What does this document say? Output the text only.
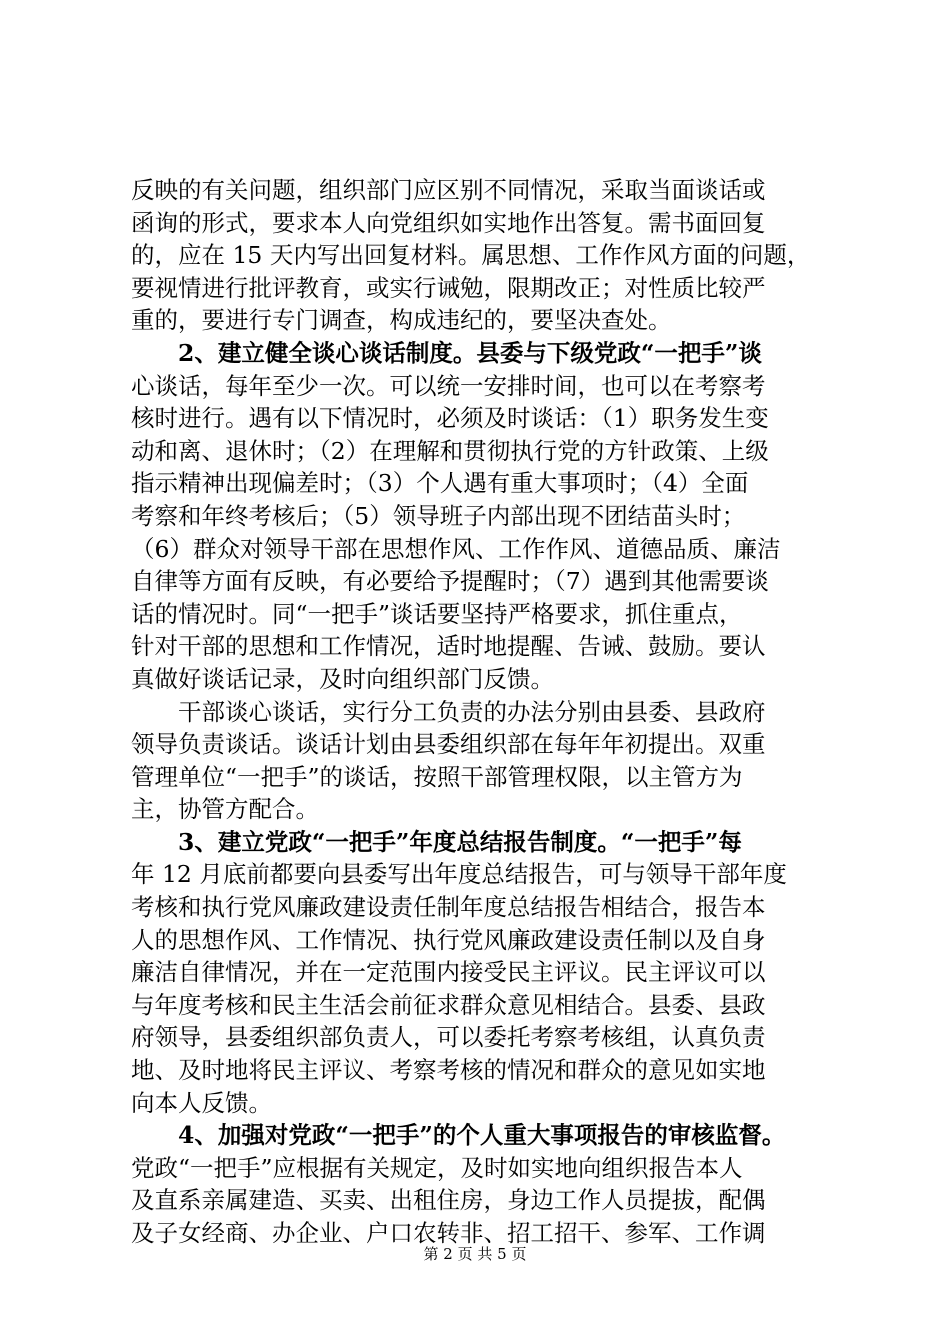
反映的有关问题，组织部门应区别不同情况，采取当面谈话或
函询的形式，要求本人向党组织如实地作出答复。需书面回复
的，应在 15 天内写出回复材料。属思想、工作作风方面的问题，
要视情进行批评教育，或实行诫勉，限期改正；对性质比较严
重的，要进行专门调查，构成违纪的，要坚决查处。
2、建立健全谈心谈话制度。县委与下级党政“一把手”谈
心谈话，每年至少一次。可以统一安排时间，也可以在考察考
核时进行。遇有以下情况时，必须及时谈话：（1）职务发生变
动和离、退休时；（2）在理解和贯彻执行党的方针政策、上级
指示精神出现偏差时；（3）个人遇有重大事项时；（4）全面
考察和年终考核后；（5）领导班子内部出现不团结苗头时；
（6）群众对领导干部在思想作风、工作作风、道德品质、廉洁
自律等方面有反映，有必要给予提醒时；（7）遇到其他需要谈
话的情况时。同“一把手”谈话要坚持严格要求，抓住重点，
针对干部的思想和工作情况，适时地提醒、告诫、鼓励。要认
真做好谈话记录，及时向组织部门反馈。
干部谈心谈话，实行分工负责的办法分别由县委、县政府
领导负责谈话。谈话计划由县委组织部在每年年初提出。双重
管理单位“一把手”的谈话，按照干部管理权限，以主管方为
主，协管方配合。
3、建立党政“一把手”年度总结报告制度。“一把手”每
年 12 月底前都要向县委写出年度总结报告，可与领导干部年度
考核和执行党风廉政建设责任制年度总结报告相结合，报告本
人的思想作风、工作情况、执行党风廉政建设责任制以及自身
廉洁自律情况，并在一定范围内接受民主评议。民主评议可以
与年度考核和民主生活会前征求群众意见相结合。县委、县政
府领导，县委组织部负责人，可以委托考察考核组，认真负责
地、及时地将民主评议、考察考核的情况和群众的意见如实地
向本人反馈。
4、加强对党政“一把手”的个人重大事项报告的审核监督。
党政“一把手”应根据有关规定，及时如实地向组织报告本人
及直系亲属建造、买卖、出租住房，身边工作人员提拔，配偶
及子女经商、办企业、户口农转非、招工招干、参军、工作调
第 2 页 共 5 页
